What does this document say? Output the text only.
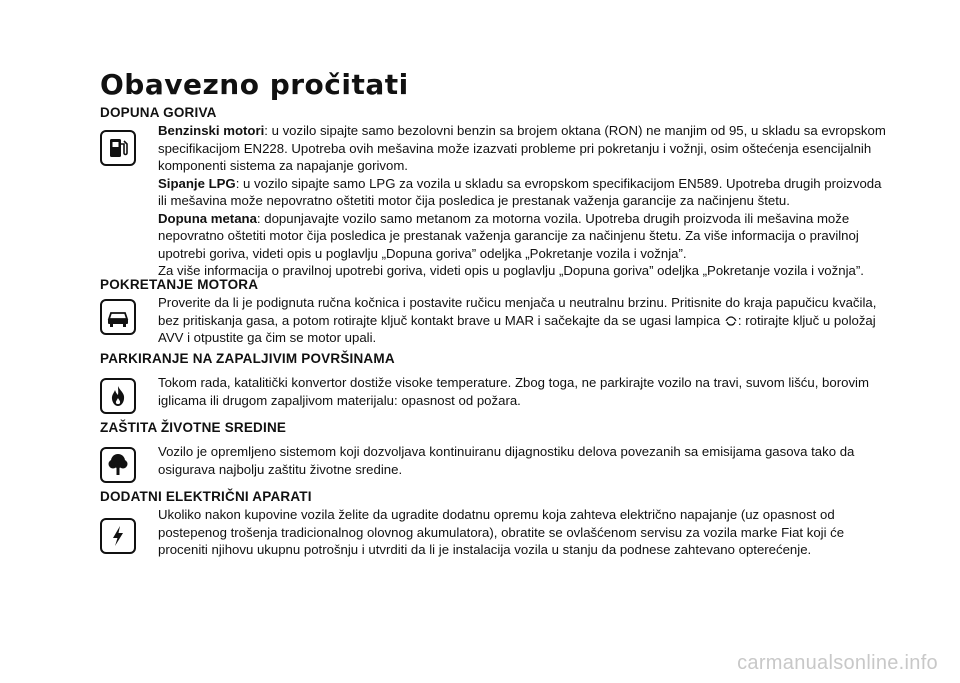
Obavezno pročitati
DOPUNA GORIVA

Benzinski motori: u vozilo sipajte samo bezolovni benzin sa brojem oktana (RON) ne manjim od 95, u skladu sa evropskom specifikacijom EN228. Upotreba ovih mešavina može izazvati probleme pri pokretanju i vožnji, osim oštećenja esencijalnih komponenti sistema za napajanje gorivom.

Sipanje LPG: u vozilo sipajte samo LPG za vozila u skladu sa evropskom specifikacijom EN589. Upotreba drugih proizvoda ili mešavina može nepovratno oštetiti motor čija posledica je prestanak važenja garancije za načinjenu štetu.

Dopuna metana: dopunjavajte vozilo samo metanom za motorna vozila. Upotreba drugih proizvoda ili mešavina može nepovratno oštetiti motor čija posledica je prestanak važenja garancije za načinjenu štetu. Za više informacija o pravilnoj upotrebi goriva, videti opis u poglavlju „Dopuna goriva” odeljka „Pokretanje vozila i vožnja”.

Za više informacija o pravilnoj upotrebi goriva, videti opis u poglavlju „Dopuna goriva” odeljka „Pokretanje vozila i vožnja”.

POKRETANJE MOTORA

Proverite da li je podignuta ručna kočnica i postavite ručicu menjača u neutralnu brzinu. Pritisnite do kraja papučicu kvačila, bez pritiskanja gasa, a potom rotirajte ključ kontakt brave u MAR i sačekajte da se ugasi lampica : rotirajte ključ u položaj AVV i otpustite ga čim se motor upali.

PARKIRANJE NA ZAPALJIVIM POVRŠINAMA

Tokom rada, katalitički konvertor dostiže visoke temperature. Zbog toga, ne parkirajte vozilo na travi, suvom lišću, borovim iglicama ili drugom zapaljivom materijalu: opasnost od požara.

ZAŠTITA ŽIVOTNE SREDINE

Vozilo je opremljeno sistemom koji dozvoljava kontinuiranu dijagnostiku delova povezanih sa emisijama gasova tako da osigurava najbolju zaštitu životne sredine.

DODATNI ELEKTRIČNI APARATI

Ukoliko nakon kupovine vozila želite da ugradite dodatnu opremu koja zahteva električno napajanje (uz opasnost od postepenog trošenja tradicionalnog olovnog akumulatora), obratite se ovlašćenom servisu za vozila marke Fiat koji će proceniti njihovu ukupnu potrošnju i utvrditi da li je instalacija vozila u stanju da podnese zahtevano opterećenje.

carmanualsonline.info
